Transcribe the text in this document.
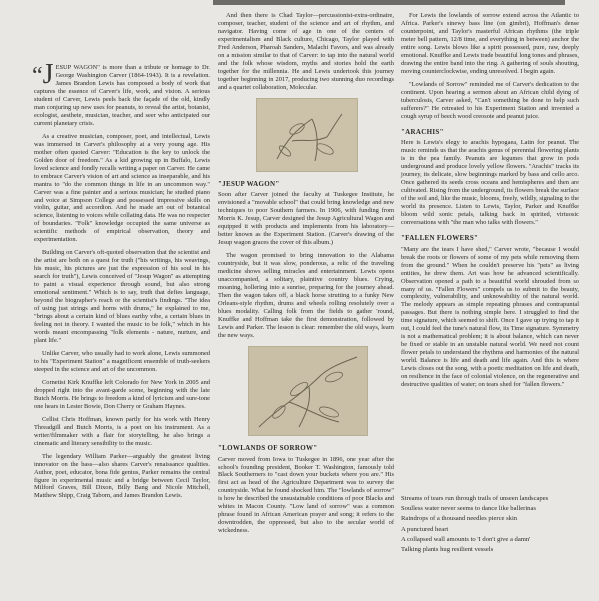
“J ESUP WAGON" is more than a tribute or homage to Dr. George Washington Carver (1864-1943). It is a revelation. James Brandon Lewis has composed a body of work that captures the essence of Carver's life, work, and vision. A serious student of Carver, Lewis peels back the façade of the old, kindly man conjuring up new uses for peanuts, to reveal the artist, botanist, ecologist, aesthete, musician, teacher, and seer who anticipated our current planetary crisis.

As a creative musician, composer, poet, and intellectual, Lewis was immersed in Carver's philosophy at a very young age. His mother often quoted Carver: "Education is the key to unlock the Golden door of freedom." As a kid growing up in Buffalo, Lewis loved science and fondly recalls writing a paper on Carver. He came to embrace Carver's vision of art and science as inseparable, and his mantra to "do the common things in life in an uncommon way." Carver was a fine painter and a serious musician; he studied piano and voice at Simpson College and possessed impressive skills on violin, guitar, and accordion. And he made art out of botanical science, listening to voices while collating data. He was no respecter of boundaries. "Folk" knowledge occupied the same universe as scientific methods of empirical observation, theory and experimentation.

Building on Carver's oft-quoted observation that the scientist and the artist are both on a quest for truth ("his writings, his weavings, his music, his pictures are just the expression of his soul in his search for truth"), Lewis conceived of "Jesup Wagon" as attempting to paint a visual experience through sound, but also strong emotional sentiment." Which is to say, truth that defies language, beyond the biographer's reach or the scientist's findings. "The idea of using just strings and horns with drums," he explained to me, "brings about a certain kind of blues earthy vibe, a certain blues in feeling not in theory. I wanted the music to be folk," which in his words meant encompassing "folk elements - nature, nurture, and plant life."

Unlike Carver, who usually had to work alone, Lewis summoned to his "Experiment Station" a magnificent ensemble of truth-seekers steeped in the science and art of the uncommon.

Cornetist Kirk Knuffke left Colorado for New York in 2005 and dropped right into the avant-garde scene, beginning with the late Butch Morris. He brings to freedom a kind of lyricism and sure-tone one hears in Lester Bowie, Don Cherry or Graham Haynes.

Cellist Chris Hoffman, known partly for his work with Henry Threadgill and Butch Morris, is a poet on his instrument. As a writer/filmmaker with a flair for storytelling, he also brings a cinematic and literary sensibility to the music.

The legendary William Parker—arguably the greatest living innovator on the bass—also shares Carver's renaissance qualities. Author, poet, educator, bona fide genius, Parker remains the central figure in experimental music and a bridge between Cecil Taylor, Milford Graves, Bill Dixon, Billy Bang and Nicole Mitchell, Matthew Shipp, Craig Taborn, and James Brandon Lewis.

And then there is Chad Taylor—percussionist-extra-ordinaire, composer, teacher, student of the science and art of rhythm, and navigator. Having come of age in one of the centers of experimentalism and Black culture, Chicago, Taylor played with Fred Anderson, Pharoah Sanders, Malachi Favors, and was already on a mission similar to that of Carver: to tap into the natural world and the folk whose wisdom, myths and stories hold the earth together for the millennia. He and Lewis undertook this journey together beginning in 2017, producing two stunning duo recordings and a quartet collaboration, Molecular.

"JESUP WAGON"

Soon after Carver joined the faculty at Tuskegee Institute, he envisioned a "movable school" that could bring knowledge and new techniques to poor Southern farmers. In 1906, with funding from Morris K. Jesup, Carver designed the Jesup Agricultural Wagon and equipped it with products and implements from his laboratory—better known as the Experiment Station. (Carver's drawing of the Jesup wagon graces the cover of this album.)

The wagon promised to bring innovation to the Alabama countryside, but it was slow, ponderous, a relic of the traveling medicine shows selling miracles and entertainment. Lewis opens unaccompanied, a solitary, plaintive country blues. Crying, moaning, hollering into a sunrise, preparing for the journey ahead. Then the wagon takes off, a black horse strutting to a funky New Orleans-style rhythm, drums and wheels rolling resolutely over a blues modality. Calling folk from the fields to gather 'round, Knuffke and Hoffman take the first demonstration, followed by Lewis and Parker. The lesson is clear: remember the old ways, learn the new ways.

"LOWLANDS OF SORROW"

Carver moved from Iowa to Tuskegee in 1896, one year after the school's founding president, Booker T. Washington, famously told Black Southerners to "cast down your buckets where you are." His first act as head of the Agriculture Department was to survey the countryside. What he found shocked him. The "lowlands of sorrow" is how he described the unsustainable conditions of poor Blacks and whites in Macon County. "Low land of sorrow" was a common phrase found in African American prayer and song; it refers to the downtrodden, the oppressed, but also to the secular world of wickedness.

For Lewis the lowlands of sorrow extend across the Atlantic to Africa. Parker's sinewy bass line (on gimbri), Hoffman's dense counterpoint, and Taylor's masterful African rhythms (the triple meter bell pattern, 12/8 time, and everything in between) anchor the entire song. Lewis blows like a spirit possessed, pure, raw, deeply emotional. Knuffke and Lewis trade beautiful long tones and phrases, drawing the entire band into the ring. A gathering of souls shouting, moving counterclockwise, ending unresolved. I begin again.

"Lowlands of Sorrow" reminded me of Carver's dedication to the continent. Upon hearing a sermon about an African child dying of tuberculosis, Carver asked, "Can't something be done to help such sufferers?" He retreated to his Experiment Station and invented a cough syrup of beech wood creosote and peanut juice.

"ARACHIS"

Here is Lewis's elegy to arachis hypogaea, Latin for peanut. The music reminds us that the arachis genus of perennial flowering plants is in the pea family. Peanuts are legumes that grow in pods underground and produce lovely yellow flowers. "Arachis" tracks its journey, its delicate, slow beginnings marked by bass and cello arco. Once gathered its seeds cross oceans and hemispheres and then are cultivated. Rising from the underground, its flowers break the surface of the soil and, like the music, blooms, freely, wildly, signaling to the world its presence. Listen to Lewis, Taylor, Parker and Knuffke bloom wild sonic petals, talking back in spirited, virtuosic conversations with "the man who talks with flowers."

"FALLEN FLOWERS"

"Many are the tears I have shed," Carver wrote, "because I would break the roots or flowers of some of my pets while removing them from the ground." When he couldn't preserve his "pets" as living entities, he drew them. Art was how he advanced scientifically. Observation opened a path to a beautiful world shrouded from so many of us. "Fallen Flowers" compels us to submit to the beauty, complexity, vulnerability, and unknowability of the natural world. The melody appears as simple repeating phrases and contrapuntal passages. But there is nothing simple here. I struggled to find the time signature, which seemed to shift. Once I gave up trying to tap it out, I could feel the tune's natural flow, its Time signature. Symmetry is not a mathematical problem; it is about balance, which can never be fixed or stable in an unstable natural world. We need not count flower petals to understand the rhythms and harmonies of the natural world. Balance is life and death and life again. And this is where Lewis closes out the song, with a poetic meditation on life and death, on resilience in the face of colonial violence, on the regenerative and destructive qualities of water; on tears shed for "fallen flowers."

Streams of tears run through trails of unseen landscapes
Soulless water never seems to dance like ballerinas
Raindrops of a thousand needles pierce skin
A punctured heart
A collapsed wall amounts to 'I don't give a damn'
Talking plants hug resilient vessels
